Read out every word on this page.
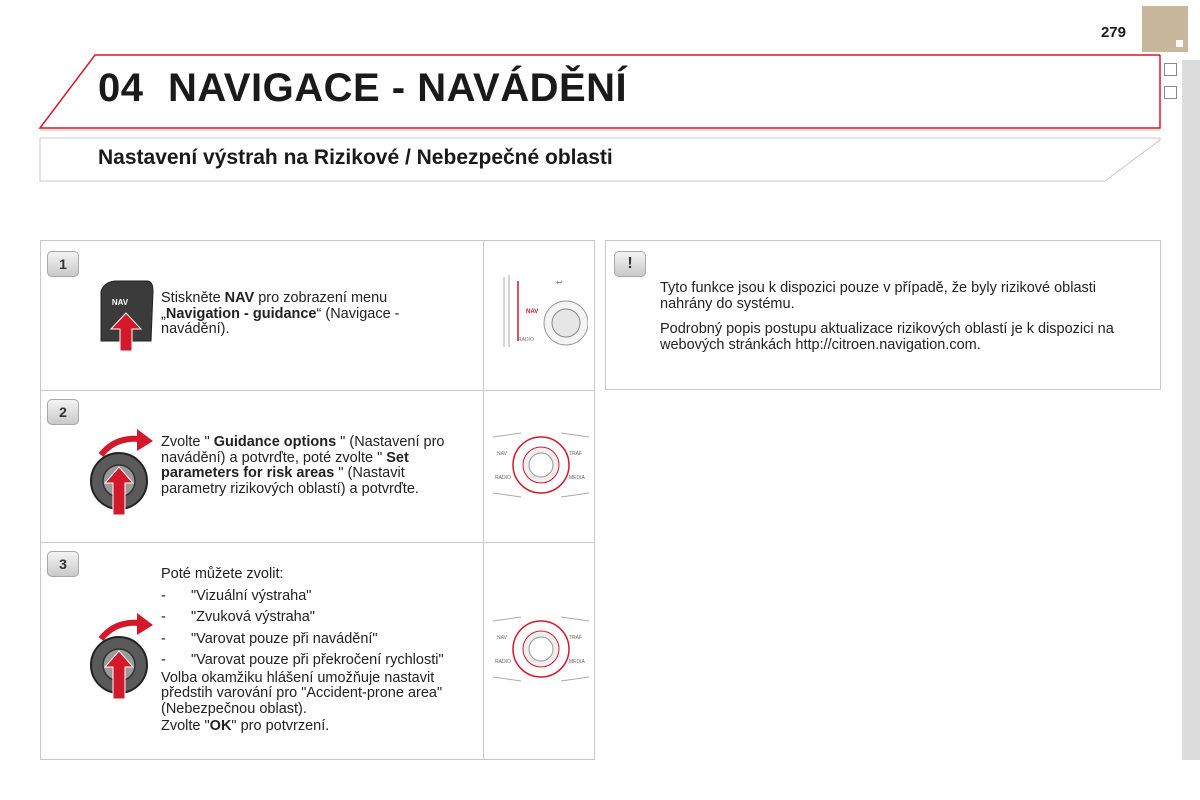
279
04 NAVIGACE - NAVÁDĚNÍ
Nastavení výstrah na Rizikové / Nebezpečné oblasti
1
NAV Stiskněte NAV pro zobrazení menu „Navigation - guidance“ (Navigace - navádění).
NAV
RADIO
↩
2
Zvolte " Guidance options " (Nastavení pro navádění) a potvrďte, poté zvolte " Set parameters for risk areas " (Nastavit parametry rizikových oblastí) a potvrďte.
NAV	TRAF
RADIO	MEDIA
3
Poté můžete zvolit:
-	"Vizuální výstraha"
-	"Zvuková výstraha"
-	"Varovat pouze při navádění"
-	"Varovat pouze při překročení rychlosti"
Volba okamžiku hlášení umožňuje nastavit předstih varování pro "Accident-prone area" (Nebezpečnou oblast).
Zvolte "OK" pro potvrzení.
NAV	TRAF
RADIO	MEDIA
!

Tyto funkce jsou k dispozici pouze v případě, že byly rizikové oblasti nahrány do systému.

Podrobný popis postupu aktualizace rizikových oblastí je k dispozici na webových stránkách http://citroen.navigation.com.
